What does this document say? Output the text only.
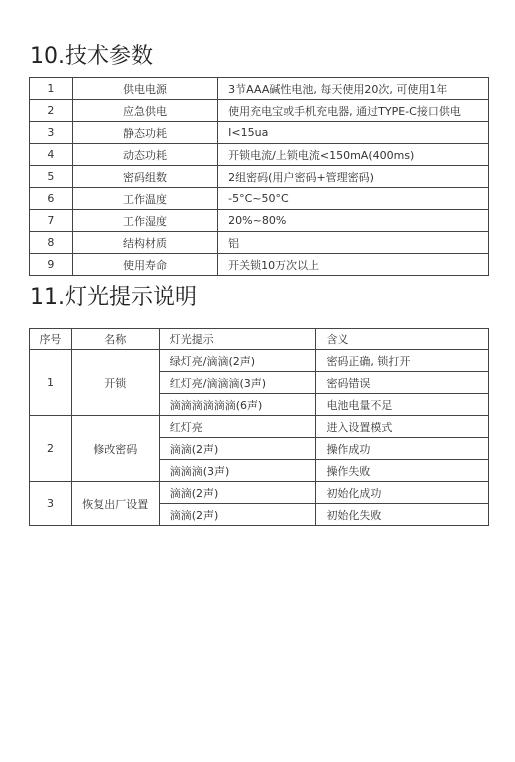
10.技术参数
1	供电电源	3节AAA碱性电池, 每天使用20次, 可使用1年
2	应急供电	使用充电宝或手机充电器, 通过TYPE-C接口供电
3	静态功耗	I<15ua
4	动态功耗	开锁电流/上锁电流<150mA(400ms)
5	密码组数	2组密码(用户密码+管理密码)
6	工作温度	-5°C~50°C
7	工作湿度	20%~80%
8	结构材质	铝
9	使用寿命	开关锁10万次以上
11.灯光提示说明
序号	名称	灯光提示	含义
1	开锁	绿灯亮/滴滴(2声)	密码正确, 锁打开
		红灯亮/滴滴滴(3声)	密码错误
		滴滴滴滴滴滴(6声)	电池电量不足
2	修改密码	红灯亮	进入设置模式
		滴滴(2声)	操作成功
		滴滴滴(3声)	操作失败
3	恢复出厂设置	滴滴(2声)	初始化成功
		滴滴(2声)	初始化失败
